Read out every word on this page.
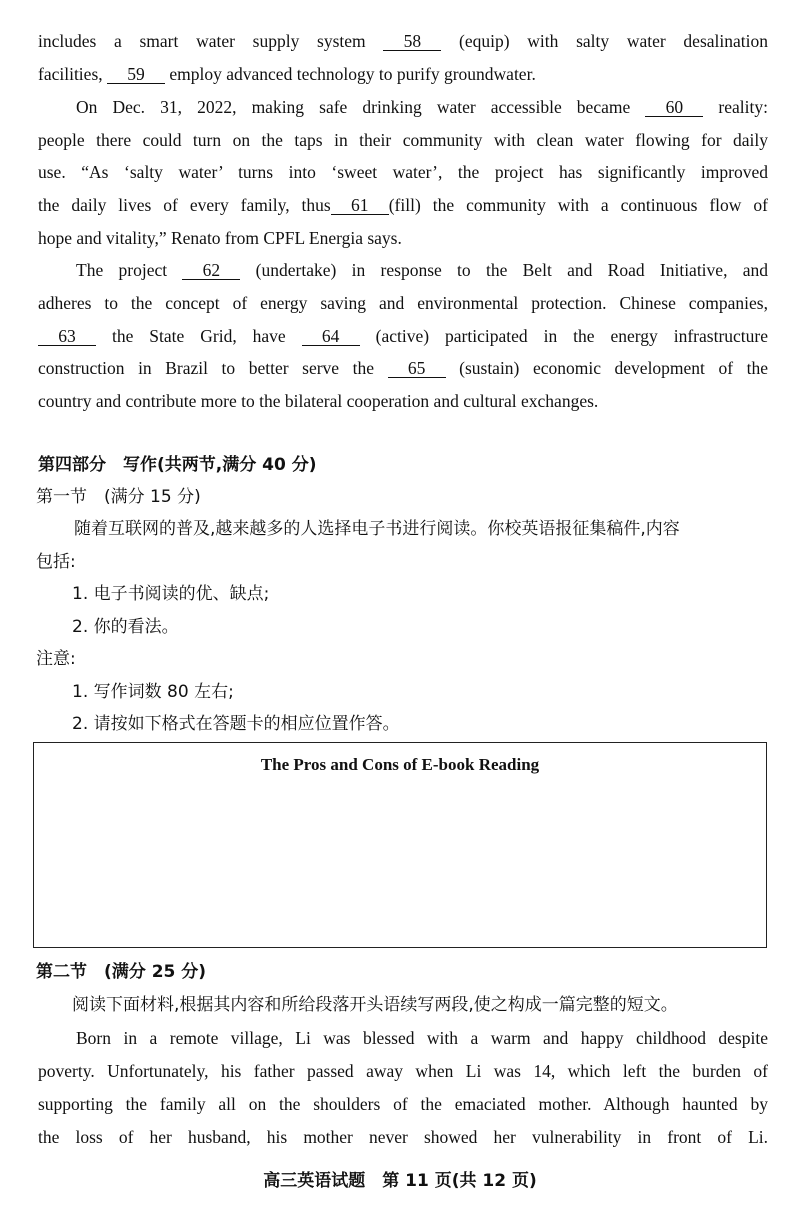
includes a smart water supply system 58 (equip) with salty water desalination
facilities, 59 employ advanced technology to purify groundwater.
On Dec. 31, 2022, making safe drinking water accessible became 60 reality:
people there could turn on the taps in their community with clean water flowing for daily
use. “As ‘salty water’ turns into ‘sweet water’, the project has significantly improved
the daily lives of every family, thus 61 (fill) the community with a continuous flow of
hope and vitality,” Renato from CPFL Energia says.
The project 62 (undertake) in response to the Belt and Road Initiative, and
adheres to the concept of energy saving and environmental protection. Chinese companies,
63 the State Grid, have 64 (active) participated in the energy infrastructure
construction in Brazil to better serve the 65 (sustain) economic development of the
country and contribute more to the bilateral cooperation and cultural exchanges.
第四部分　写作(共两节,满分 40 分)
第一节　(满分 15 分)
随着互联网的普及,越来越多的人选择电子书进行阅读。你校英语报征集稿件,内容
包括:
1. 电子书阅读的优、缺点;
2. 你的看法。
注意:
1. 写作词数 80 左右;
2. 请按如下格式在答题卡的相应位置作答。
The Pros and Cons of E-book Reading
第二节　(满分 25 分)
阅读下面材料,根据其内容和所给段落开头语续写两段,使之构成一篇完整的短文。
Born in a remote village, Li was blessed with a warm and happy childhood despite
poverty. Unfortunately, his father passed away when Li was 14, which left the burden of
supporting the family all on the shoulders of the emaciated mother. Although haunted by
the loss of her husband, his mother never showed her vulnerability in front of Li.
高三英语试题　第 11 页(共 12 页)
